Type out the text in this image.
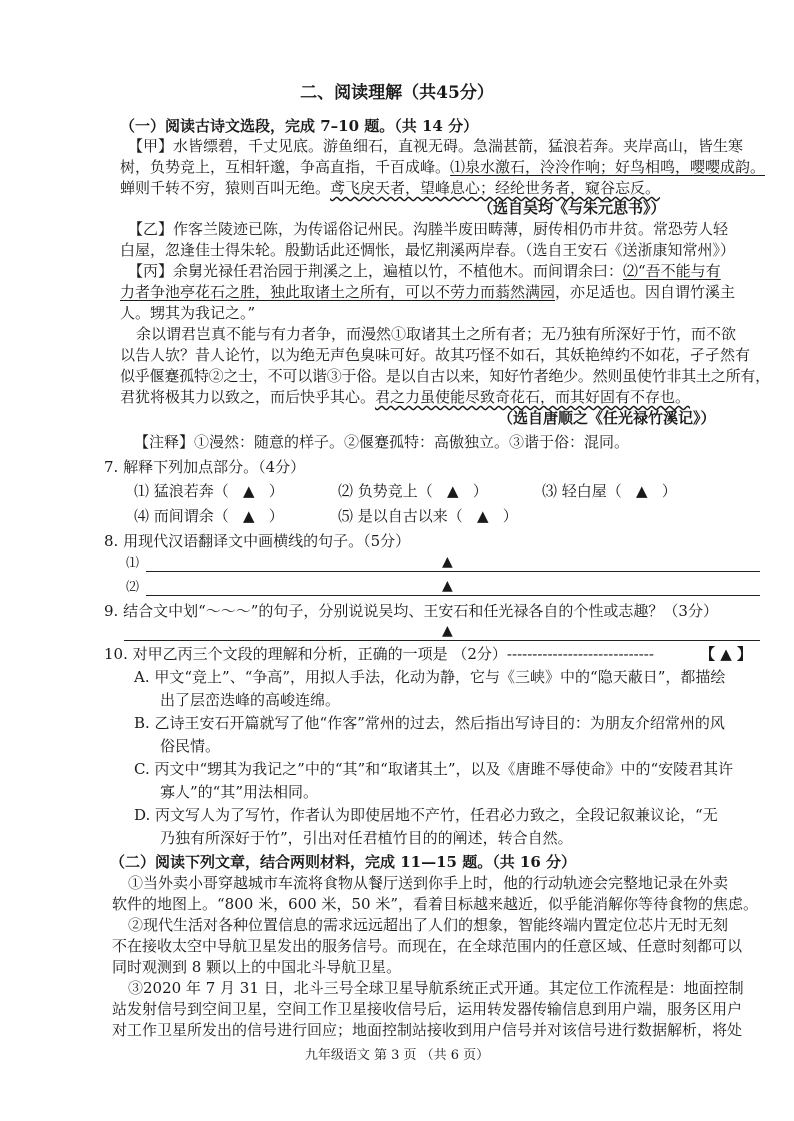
二、阅读理解（共45分）
（一）阅读古诗文选段，完成 7–10 题。（共 14 分）
【甲】水皆缥碧，千丈见底。游鱼细石，直视无碍。急湍甚箭，猛浪若奔。夹岸高山，皆生寒
树，负势竞上，互相轩邈，争高直指，千百成峰。⑴泉水激石，泠泠作响；好鸟相鸣，嘤嘤成韵。
蝉则千转不穷，猿则百叫无绝。鸢飞戾天者，望峰息心；经纶世务者，窥谷忘反。
（选自吴均《与朱元思书》）
【乙】作客兰陵迹已陈，为传谣俗记州民。沟塍半废田畴薄，厨传相仍市井贫。常恐劳人轻
白屋，忽逢佳士得朱轮。殷勤话此还惆怅，最忆荆溪两岸春。（选自王安石《送浙康知常州》）
【丙】余舅光禄任君治园于荆溪之上，遍植以竹，不植他木。而间谓余曰：⑵“吾不能与有
力者争池亭花石之胜，独此取诸土之所有，可以不劳力而蓊然满园，亦足适也。因自谓竹溪主
人。甥其为我记之。”
余以谓君岂真不能与有力者争，而漫然①取诸其土之所有者；无乃独有所深好于竹，而不欲
以告人欤？昔人论竹，以为绝无声色臭味可好。故其巧怪不如石，其妖艳绰约不如花，孑孑然有
似乎偃蹇孤特②之士，不可以谐③于俗。是以自古以来，知好竹者绝少。然则虽使竹非其土之所有，
君犹将极其力以致之，而后快乎其心。君之力虽使能尽致奇花石，而其好固有不存也。
（选自唐顺之《任光禄竹溪记》）
【注释】①漫然：随意的样子。②偃蹇孤特：高傲独立。③谐于俗：混同。
7. 解释下列加点部分。（4分）
⑴ 猛浪若奔（ ▲ ）	⑵ 负势竞上（ ▲ ）	⑶ 轻白屋（ ▲ ）
⑷ 而间谓余（ ▲ ）	⑸ 是以自古以来（ ▲ ）
8. 用现代汉语翻译文中画横线的句子。（5分）
⑴	▲
⑵	▲
9. 结合文中划“～～～”的句子，分别说说吴均、王安石和任光禄各自的个性或志趣？（3分）
▲
10. 对甲乙丙三个文段的理解和分析，正确的一项是 （2分）-----------------------------	【 ▲ 】
A. 甲文“竞上”、“争高”，用拟人手法，化动为静，它与《三峡》中的“隐天蔽日”，都描绘
出了层峦迭峰的高峻连绵。
B. 乙诗王安石开篇就写了他“作客”常州的过去，然后指出写诗目的：为朋友介绍常州的风
俗民情。
C. 丙文中“甥其为我记之”中的“其”和“取诸其土”，以及《唐雎不辱使命》中的“安陵君其许
寡人”的“其”用法相同。
D. 丙文写人为了写竹，作者认为即使居地不产竹，任君必力致之，全段记叙兼议论，“无
乃独有所深好于竹”，引出对任君植竹目的的阐述，转合自然。
（二）阅读下列文章，结合两则材料，完成 11—15 题。（共 16 分）
①当外卖小哥穿越城市车流将食物从餐厅送到你手上时，他的行动轨迹会完整地记录在外卖
软件的地图上。“800 米，600 米，50 米”，看着目标越来越近，似乎能消解你等待食物的焦虑。
②现代生活对各种位置信息的需求远远超出了人们的想象，智能终端内置定位芯片无时无刻
不在接收太空中导航卫星发出的服务信号。而现在，在全球范围内的任意区域、任意时刻都可以
同时观测到 8 颗以上的中国北斗导航卫星。
③2020 年 7 月 31 日，北斗三号全球卫星导航系统正式开通。其定位工作流程是：地面控制
站发射信号到空间卫星，空间工作卫星接收信号后，运用转发器传输信息到用户端，服务区用户
对工作卫星所发出的信号进行回应；地面控制站接收到用户信号并对该信号进行数据解析，将处
九年级语文 第 3 页 （共 6 页）
